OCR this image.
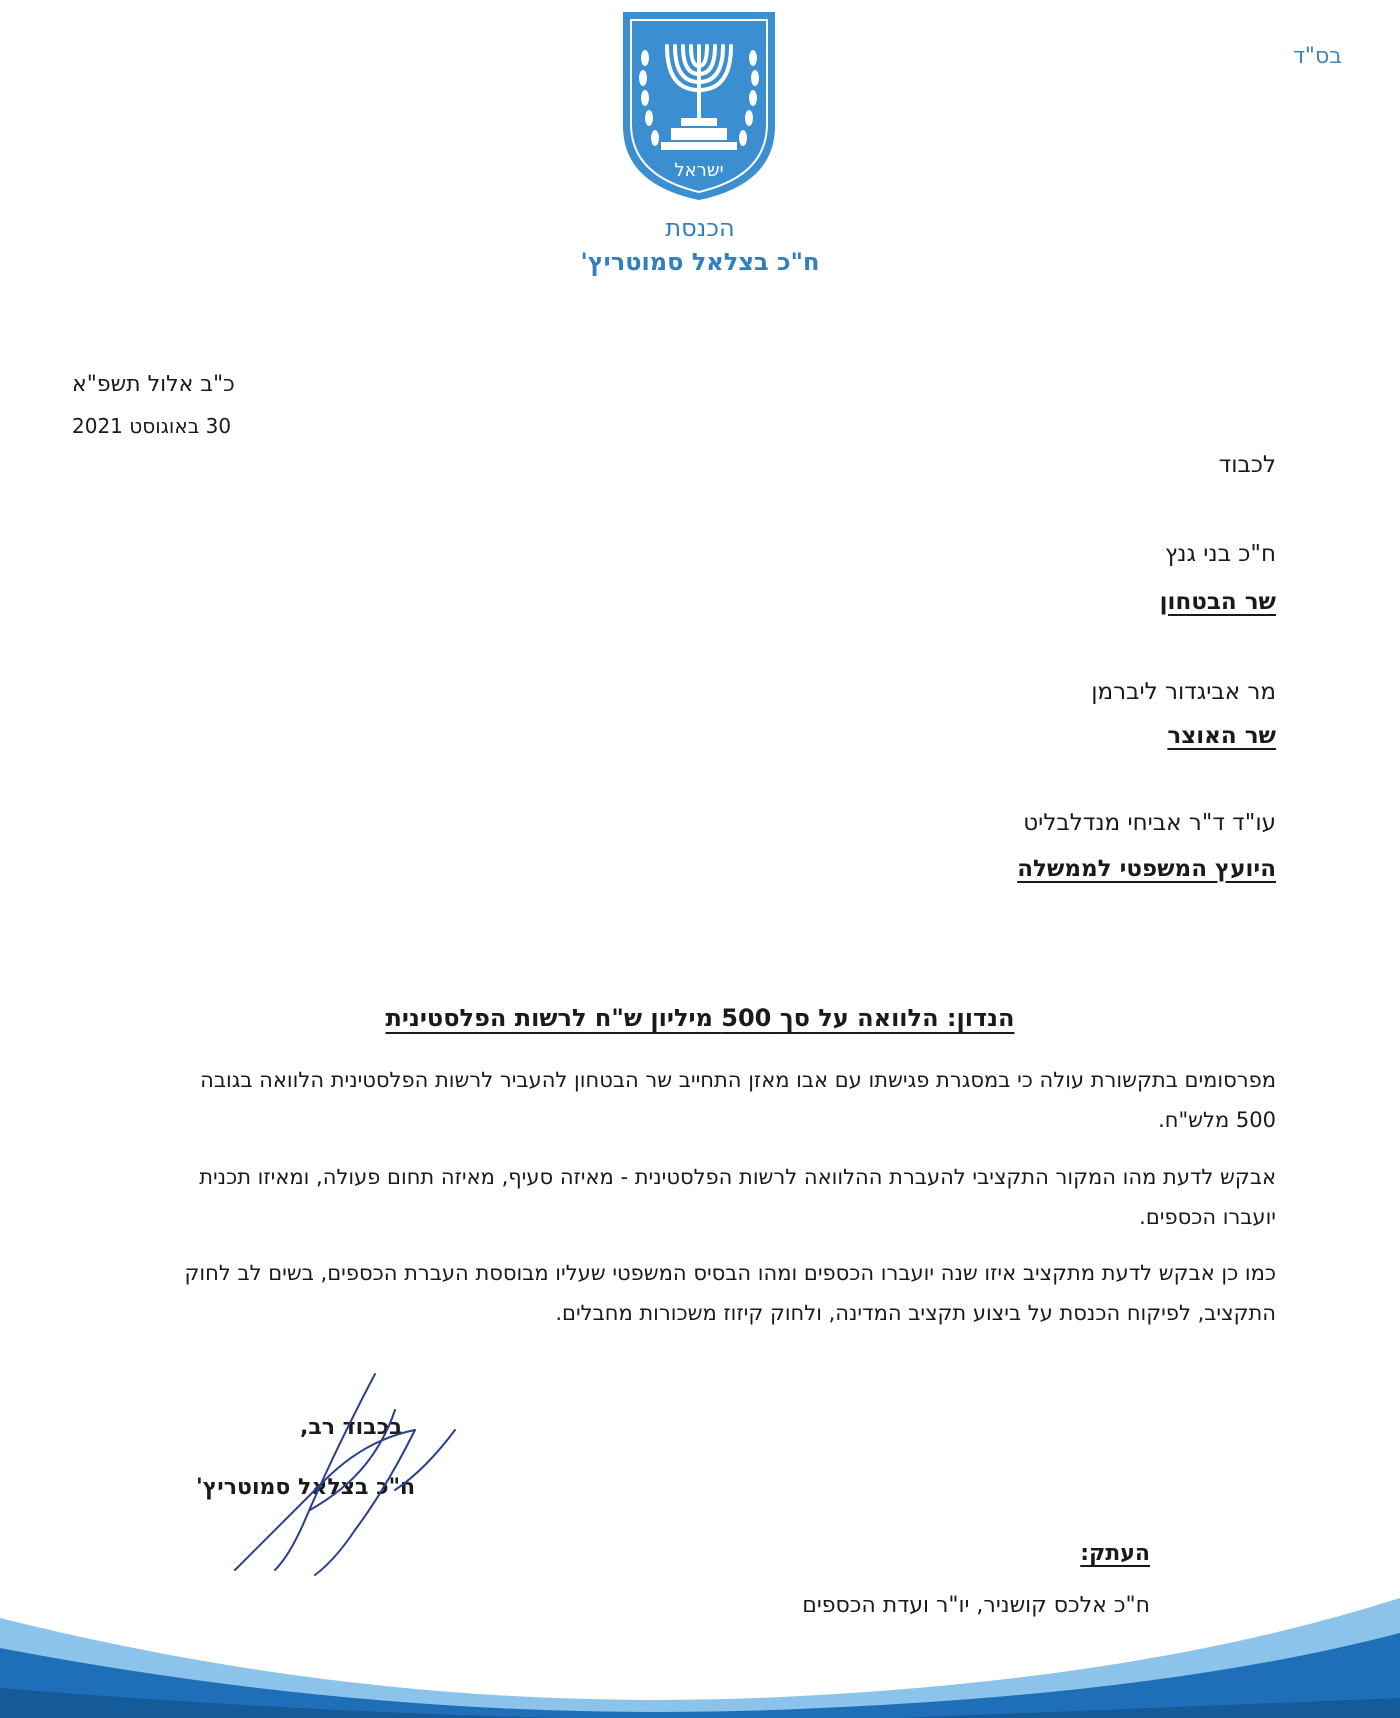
בס"ד
ישראל
הכנסת
ח"כ בצלאל סמוטריץ'
כ"ב אלול תשפ"א
30 באוגוסט 2021
לכבוד
ח"כ בני גנץ
שר הבטחון
מר אביגדור ליברמן
שר האוצר
עו"ד ד"ר אביחי מנדלבליט
היועץ המשפטי לממשלה
הנדון: הלוואה על סך 500 מיליון ש"ח לרשות הפלסטינית
מפרסומים בתקשורת עולה כי במסגרת פגישתו עם אבו מאזן התחייב שר הבטחון להעביר לרשות הפלסטינית הלוואה בגובה 500 מלש"ח.
אבקש לדעת מהו המקור התקציבי להעברת ההלוואה לרשות הפלסטינית - מאיזה סעיף, מאיזה תחום פעולה, ומאיזו תכנית יועברו הכספים.
כמו כן אבקש לדעת מתקציב איזו שנה יועברו הכספים ומהו הבסיס המשפטי שעליו מבוססת העברת הכספים, בשים לב לחוק התקציב, לפיקוח הכנסת על ביצוע תקציב המדינה, ולחוק קיזוז משכורות מחבלים.
בכבוד רב,
ח"כ בצלאל סמוטריץ'
העתק:
ח"כ אלכס קושניר, יו"ר ועדת הכספים
